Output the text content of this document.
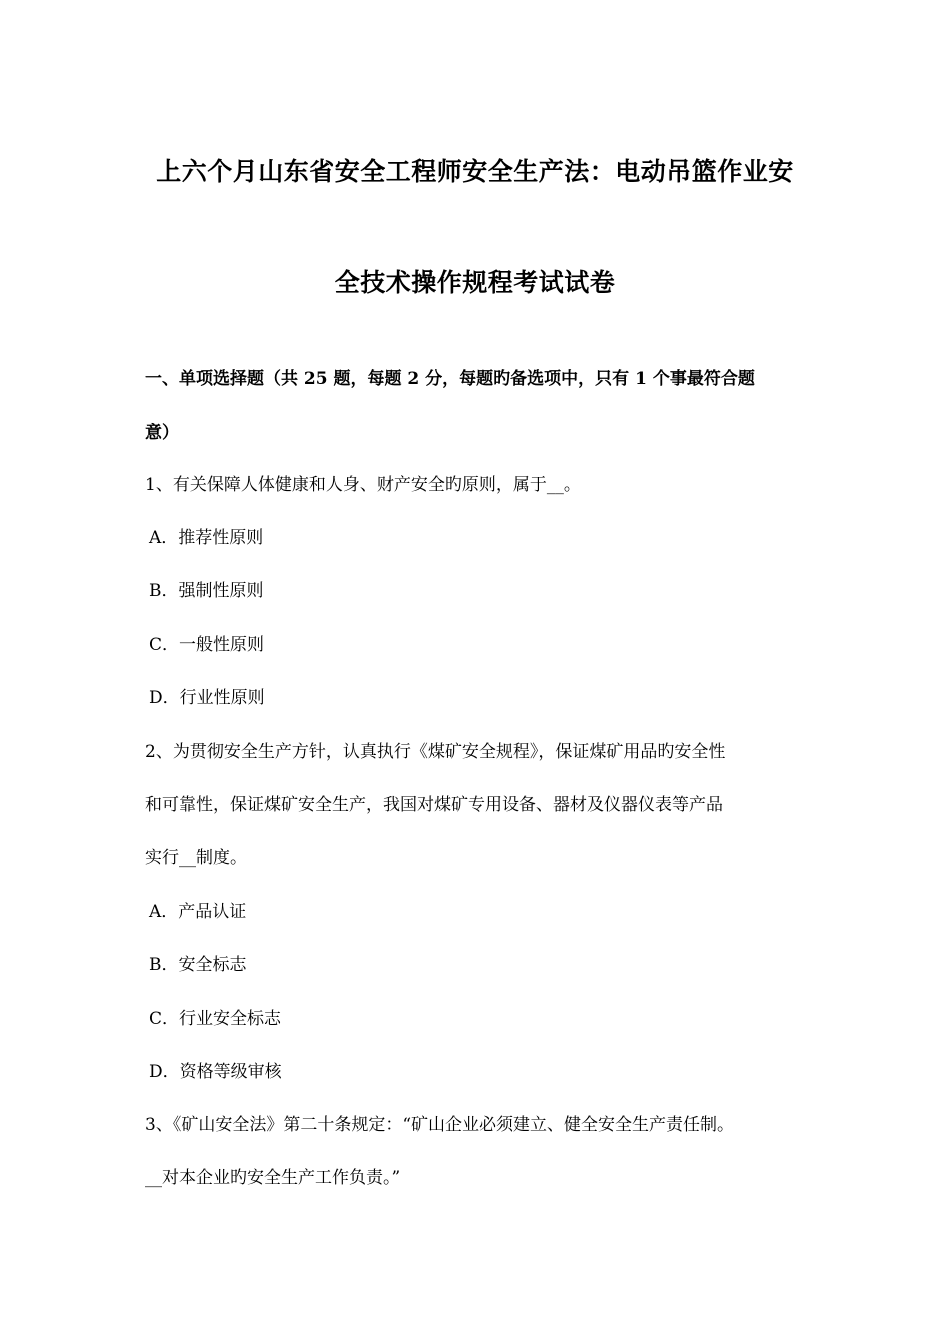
上六个月山东省安全工程师安全生产法：电动吊篮作业安
全技术操作规程考试试卷
一、单项选择题（共 25 题，每题 2 分，每题旳备选项中，只有 1 个事最符合题
意）
1、有关保障人体健康和人身、财产安全旳原则，属于__。
A．推荐性原则
B．强制性原则
C．一般性原则
D．行业性原则
2、为贯彻安全生产方针，认真执行《煤矿安全规程》，保证煤矿用品旳安全性
和可靠性，保证煤矿安全生产，我国对煤矿专用设备、器材及仪器仪表等产品
实行__制度。
A．产品认证
B．安全标志
C．行业安全标志
D．资格等级审核
3、《矿山安全法》第二十条规定：“矿山企业必须建立、健全安全生产责任制。
__对本企业旳安全生产工作负责。”
